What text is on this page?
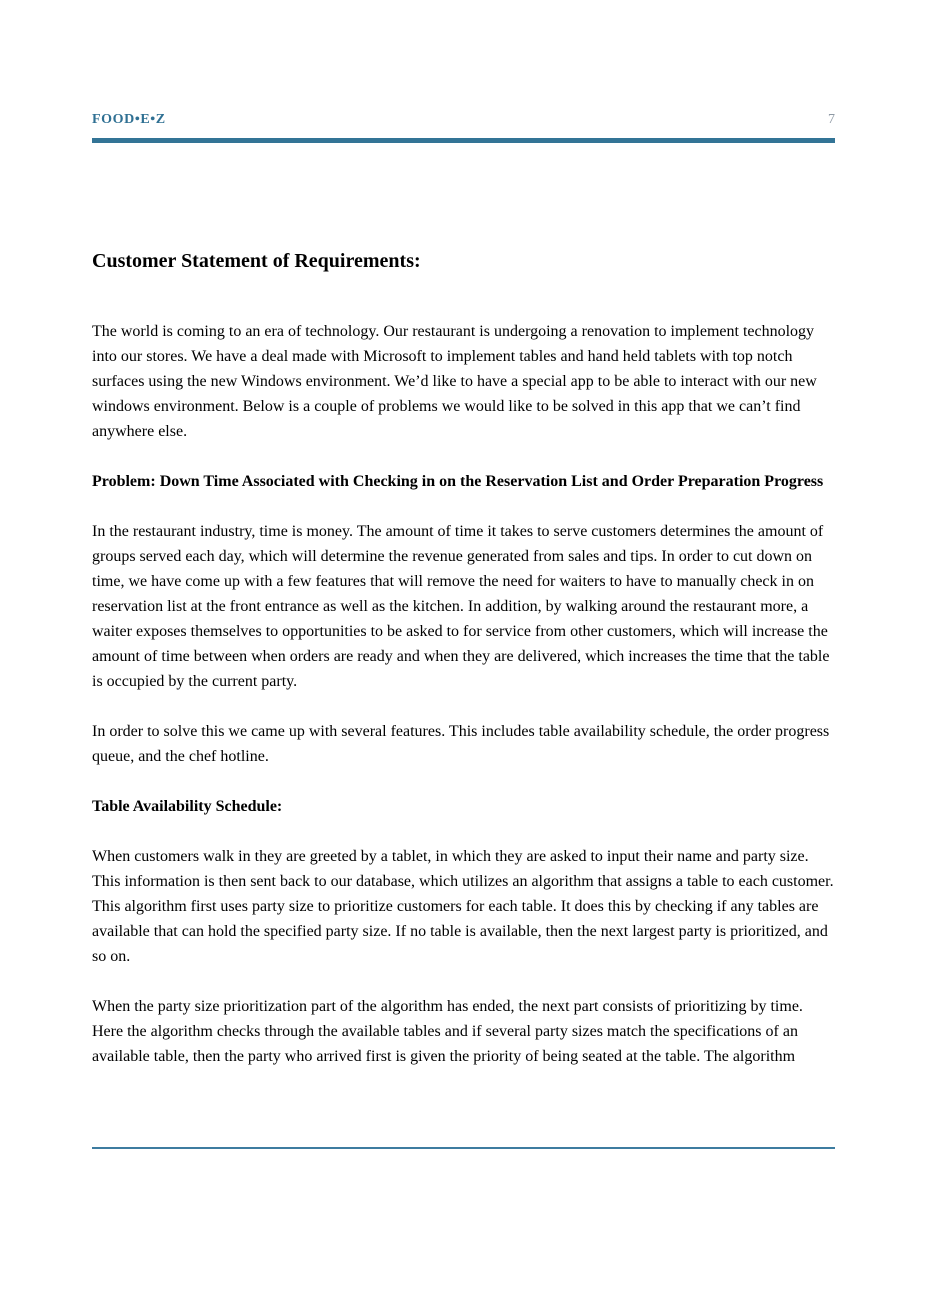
FOOD•E•Z	7
Customer Statement of Requirements:

The world is coming to an era of technology. Our restaurant is undergoing a renovation to implement technology into our stores. We have a deal made with Microsoft to implement tables and hand held tablets with top notch surfaces using the new Windows environment. We’d like to have a special app to be able to interact with our new windows environment. Below is a couple of problems we would like to be solved in this app that we can’t find anywhere else.

Problem: Down Time Associated with Checking in on the Reservation List and Order Preparation Progress

In the restaurant industry, time is money. The amount of time it takes to serve customers determines the amount of groups served each day, which will determine the revenue generated from sales and tips. In order to cut down on time, we have come up with a few features that will remove the need for waiters to have to manually check in on reservation list at the front entrance as well as the kitchen. In addition, by walking around the restaurant more, a waiter exposes themselves to opportunities to be asked to for service from other customers, which will increase the amount of time between when orders are ready and when they are delivered, which increases the time that the table is occupied by the current party.

In order to solve this we came up with several features. This includes table availability schedule, the order progress queue, and the chef hotline.

Table Availability Schedule:

When customers walk in they are greeted by a tablet, in which they are asked to input their name and party size. This information is then sent back to our database, which utilizes an algorithm that assigns a table to each customer. This algorithm first uses party size to prioritize customers for each table. It does this by checking if any tables are available that can hold the specified party size. If no table is available, then the next largest party is prioritized, and so on.

When the party size prioritization part of the algorithm has ended, the next part consists of prioritizing by time. Here the algorithm checks through the available tables and if several party sizes match the specifications of an available table, then the party who arrived first is given the priority of being seated at the table. The algorithm
